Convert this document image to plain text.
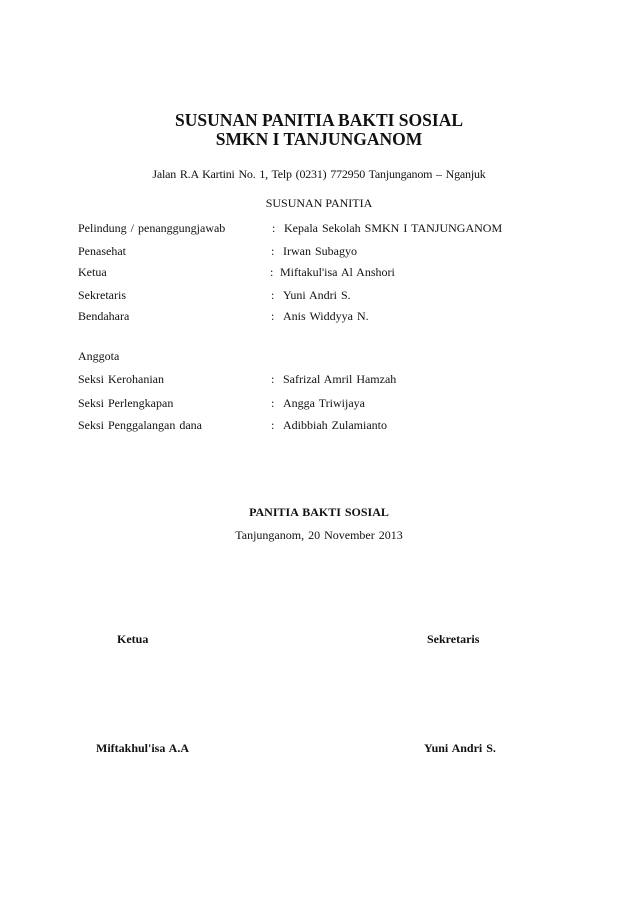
SUSUNAN PANITIA BAKTI SOSIAL
SMKN I TANJUNGANOM
Jalan R.A Kartini No. 1, Telp (0231) 772950 Tanjunganom – Nganjuk
SUSUNAN PANITIA
Pelindung / penanggungjawab	: Kepala Sekolah SMKN I TANJUNGANOM
Penasehat	: Irwan Subagyo
Ketua	: Miftakul'isa Al Anshori
Sekretaris	: Yuni Andri S.
Bendahara	: Anis Widdyya N.
Anggota
Seksi Kerohanian	: Safrizal Amril Hamzah
Seksi Perlengkapan	: Angga Triwijaya
Seksi Penggalangan dana	: Adibbiah Zulamianto
PANITIA BAKTI SOSIAL
Tanjunganom, 20 November 2013
Ketua	Sekretaris
Miftakhul'isa A.A	Yuni Andri S.
